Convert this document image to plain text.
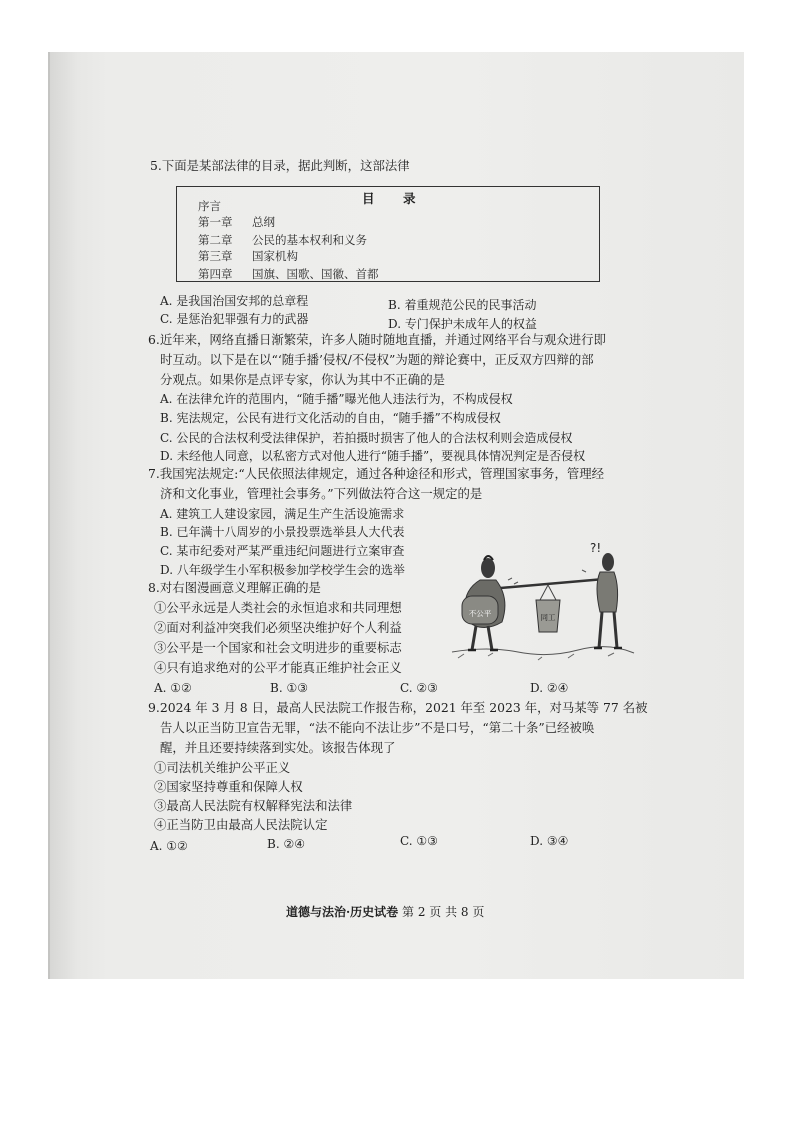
5.下面是某部法律的目录，据此判断，这部法律
目　录
序言
第一章 总纲
第二章 公民的基本权利和义务
第三章 国家机构
第四章 国旗、国歌、国徽、首都
A. 是我国治国安邦的总章程	B. 着重规范公民的民事活动
C. 是惩治犯罪强有力的武器	D. 专门保护未成年人的权益
6.近年来，网络直播日渐繁荣，许多人随时随地直播，并通过网络平台与观众进行即
时互动。以下是在以“‘随手播’侵权/不侵权”为题的辩论赛中，正反双方四辩的部
分观点。如果你是点评专家，你认为其中不正确的是
A. 在法律允许的范围内，“随手播”曝光他人违法行为，不构成侵权
B. 宪法规定，公民有进行文化活动的自由，“随手播”不构成侵权
C. 公民的合法权利受法律保护，若拍摄时损害了他人的合法权利则会造成侵权
D. 未经他人同意，以私密方式对他人进行“随手播”，要视具体情况判定是否侵权
7.我国宪法规定:“人民依照法律规定，通过各种途径和形式，管理国家事务，管理经
济和文化事业，管理社会事务。”下列做法符合这一规定的是
A. 建筑工人建设家园，满足生产生活设施需求
B. 已年满十八周岁的小景投票选举县人大代表
C. 某市纪委对严某严重违纪问题进行立案审查
D. 八年级学生小军积极参加学校学生会的选举
8.对右图漫画意义理解正确的是
①公平永远是人类社会的永恒追求和共同理想
②面对利益冲突我们必须坚决维护好个人利益
③公平是一个国家和社会文明进步的重要标志
④只有追求绝对的公平才能真正维护社会正义
A. ①②	B. ①③	C. ②③	D. ②④
不公平	同工
?!
9.2024 年 3 月 8 日，最高人民法院工作报告称，2021 年至 2023 年，对马某等 77 名被
告人以正当防卫宣告无罪，“法不能向不法让步”不是口号，“第二十条”已经被唤
醒，并且还要持续落到实处。该报告体现了
①司法机关维护公平正义
②国家坚持尊重和保障人权
③最高人民法院有权解释宪法和法律
④正当防卫由最高人民法院认定
A. ①②	B. ②④	C. ①③	D. ③④
道德与法治·历史试卷 第 2 页 共 8 页
